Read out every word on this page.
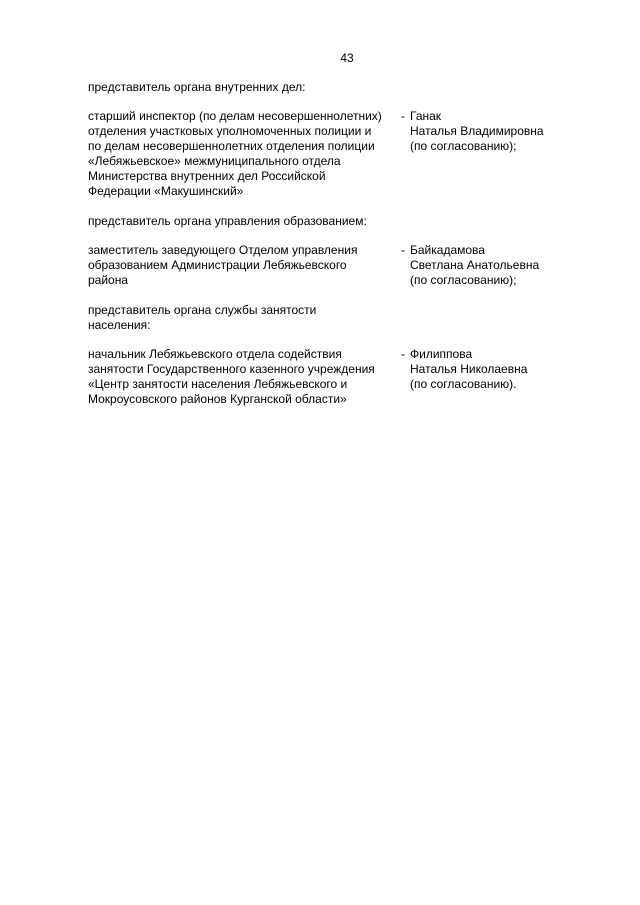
43
представитель органа внутренних дел:
старший инспектор (по делам несовершеннолетних)
отделения участковых уполномоченных полиции и
по делам несовершеннолетних отделения полиции
«Лебяжьевское» межмуниципального отдела
Министерства внутренних дел Российской
Федерации «Макушинский»
- Ганак
Наталья Владимировна
(по согласованию);
представитель органа управления образованием:
заместитель заведующего Отделом управления
образованием Администрации Лебяжьевского
района
- Байкадамова
Светлана Анатольевна
(по согласованию);
представитель органа службы занятости
населения:
начальник Лебяжьевского отдела содействия
занятости Государственного казенного учреждения
«Центр занятости населения Лебяжьевского и
Мокроусовского районов Курганской области»
- Филиппова
Наталья Николаевна
(по согласованию).
